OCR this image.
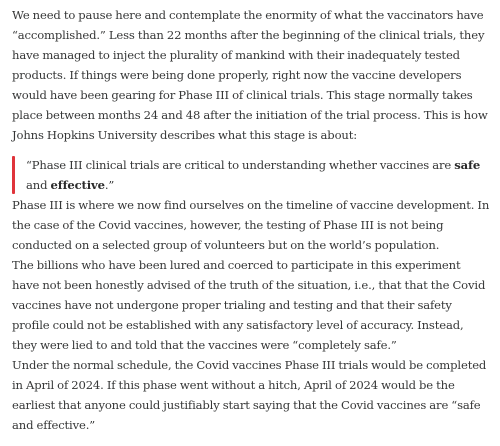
We need to pause here and contemplate the enormity of what the vaccinators have “accomplished.” Less than 22 months after the beginning of the clinical trials, they have managed to inject the plurality of mankind with their inadequately tested products. If things were being done properly, right now the vaccine developers would have been gearing for Phase III of clinical trials. This stage normally takes place between months 24 and 48 after the initiation of the trial process. This is how Johns Hopkins University describes what this stage is about:

“Phase III clinical trials are critical to understanding whether vaccines are safe and effective.”

Phase III is where we now find ourselves on the timeline of vaccine development. In the case of the Covid vaccines, however, the testing of Phase III is not being conducted on a selected group of volunteers but on the world’s population.

The billions who have been lured and coerced to participate in this experiment have not been honestly advised of the truth of the situation, i.e., that that the Covid vaccines have not undergone proper trialing and testing and that their safety profile could not be established with any satisfactory level of accuracy. Instead, they were lied to and told that the vaccines were “completely safe.”

Under the normal schedule, the Covid vaccines Phase III trials would be completed in April of 2024. If this phase went without a hitch, April of 2024 would be the earliest that anyone could justifiably start saying that the Covid vaccines are “safe and effective.”
